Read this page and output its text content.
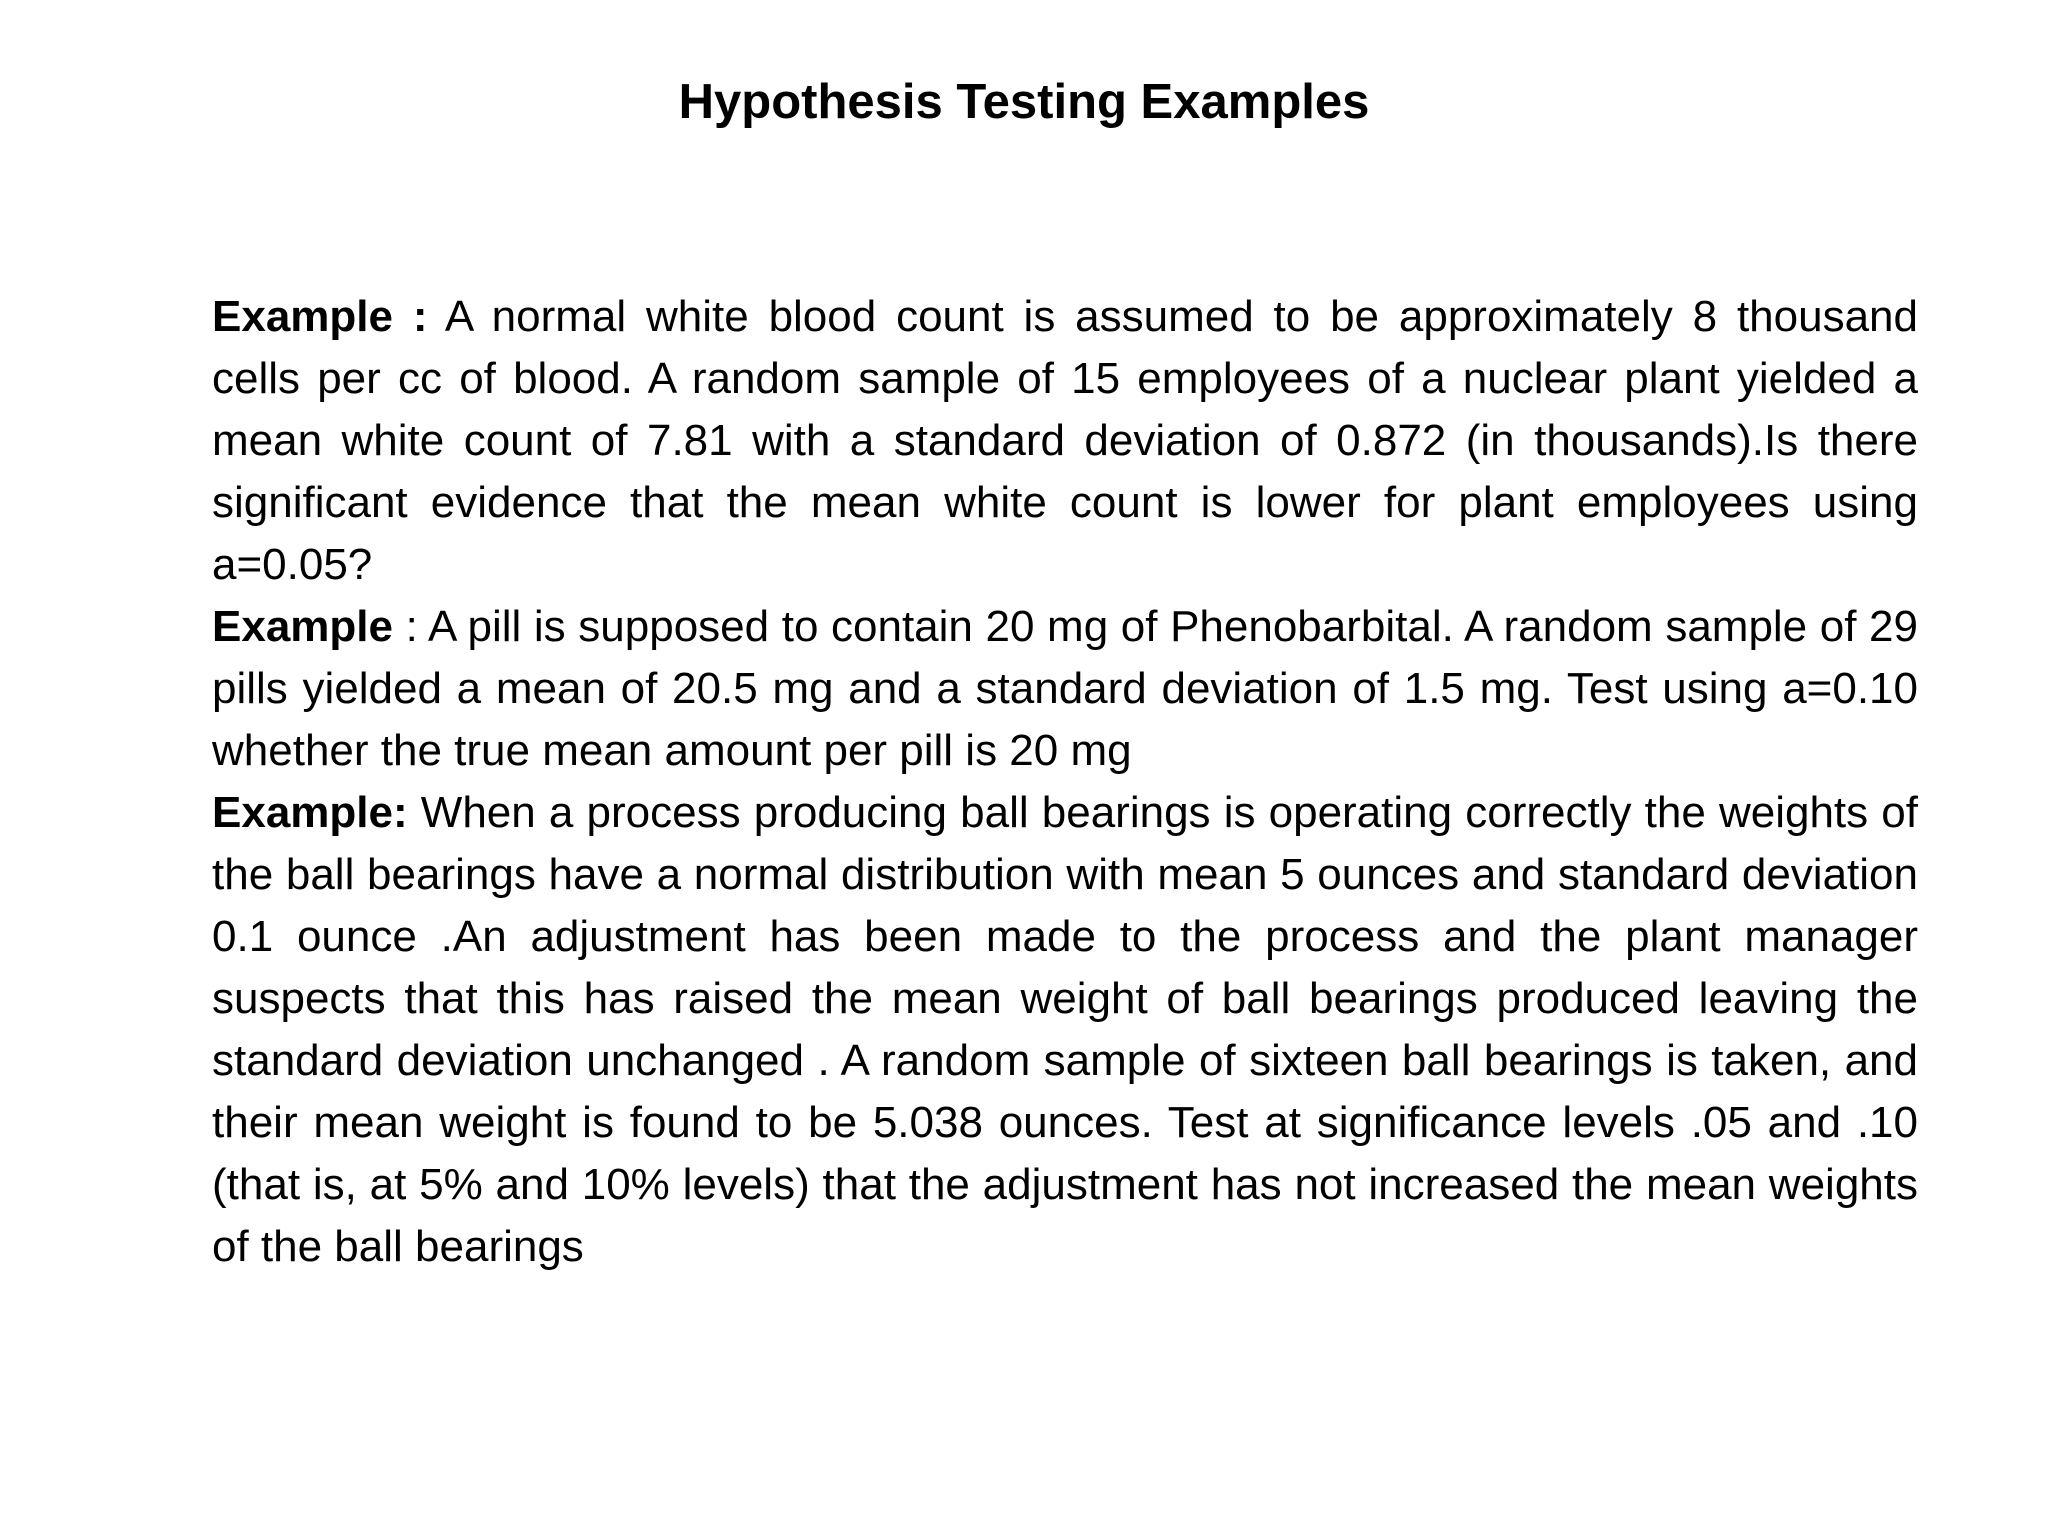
Hypothesis Testing Examples

Example : A normal white blood count is assumed to be approximately 8 thousand cells per cc of blood. A random sample of 15 employees of a nuclear plant yielded a mean white count of 7.81 with a standard deviation of 0.872 (in thousands).Is there significant evidence that the mean white count is lower for plant employees using a=0.05?

Example : A pill is supposed to contain 20 mg of Phenobarbital. A random sample of 29 pills yielded a mean of 20.5 mg and a standard deviation of 1.5 mg. Test using a=0.10 whether the true mean amount per pill is 20 mg

Example: When a process producing ball bearings is operating correctly the weights of the ball bearings have a normal distribution with mean 5 ounces and standard deviation 0.1 ounce .An adjustment has been made to the process and the plant manager suspects that this has raised the mean weight of ball bearings produced leaving the standard deviation unchanged . A random sample of sixteen ball bearings is taken, and their mean weight is found to be 5.038 ounces. Test at significance levels .05 and .10 (that is, at 5% and 10% levels) that the adjustment has not increased the mean weights of the ball bearings
